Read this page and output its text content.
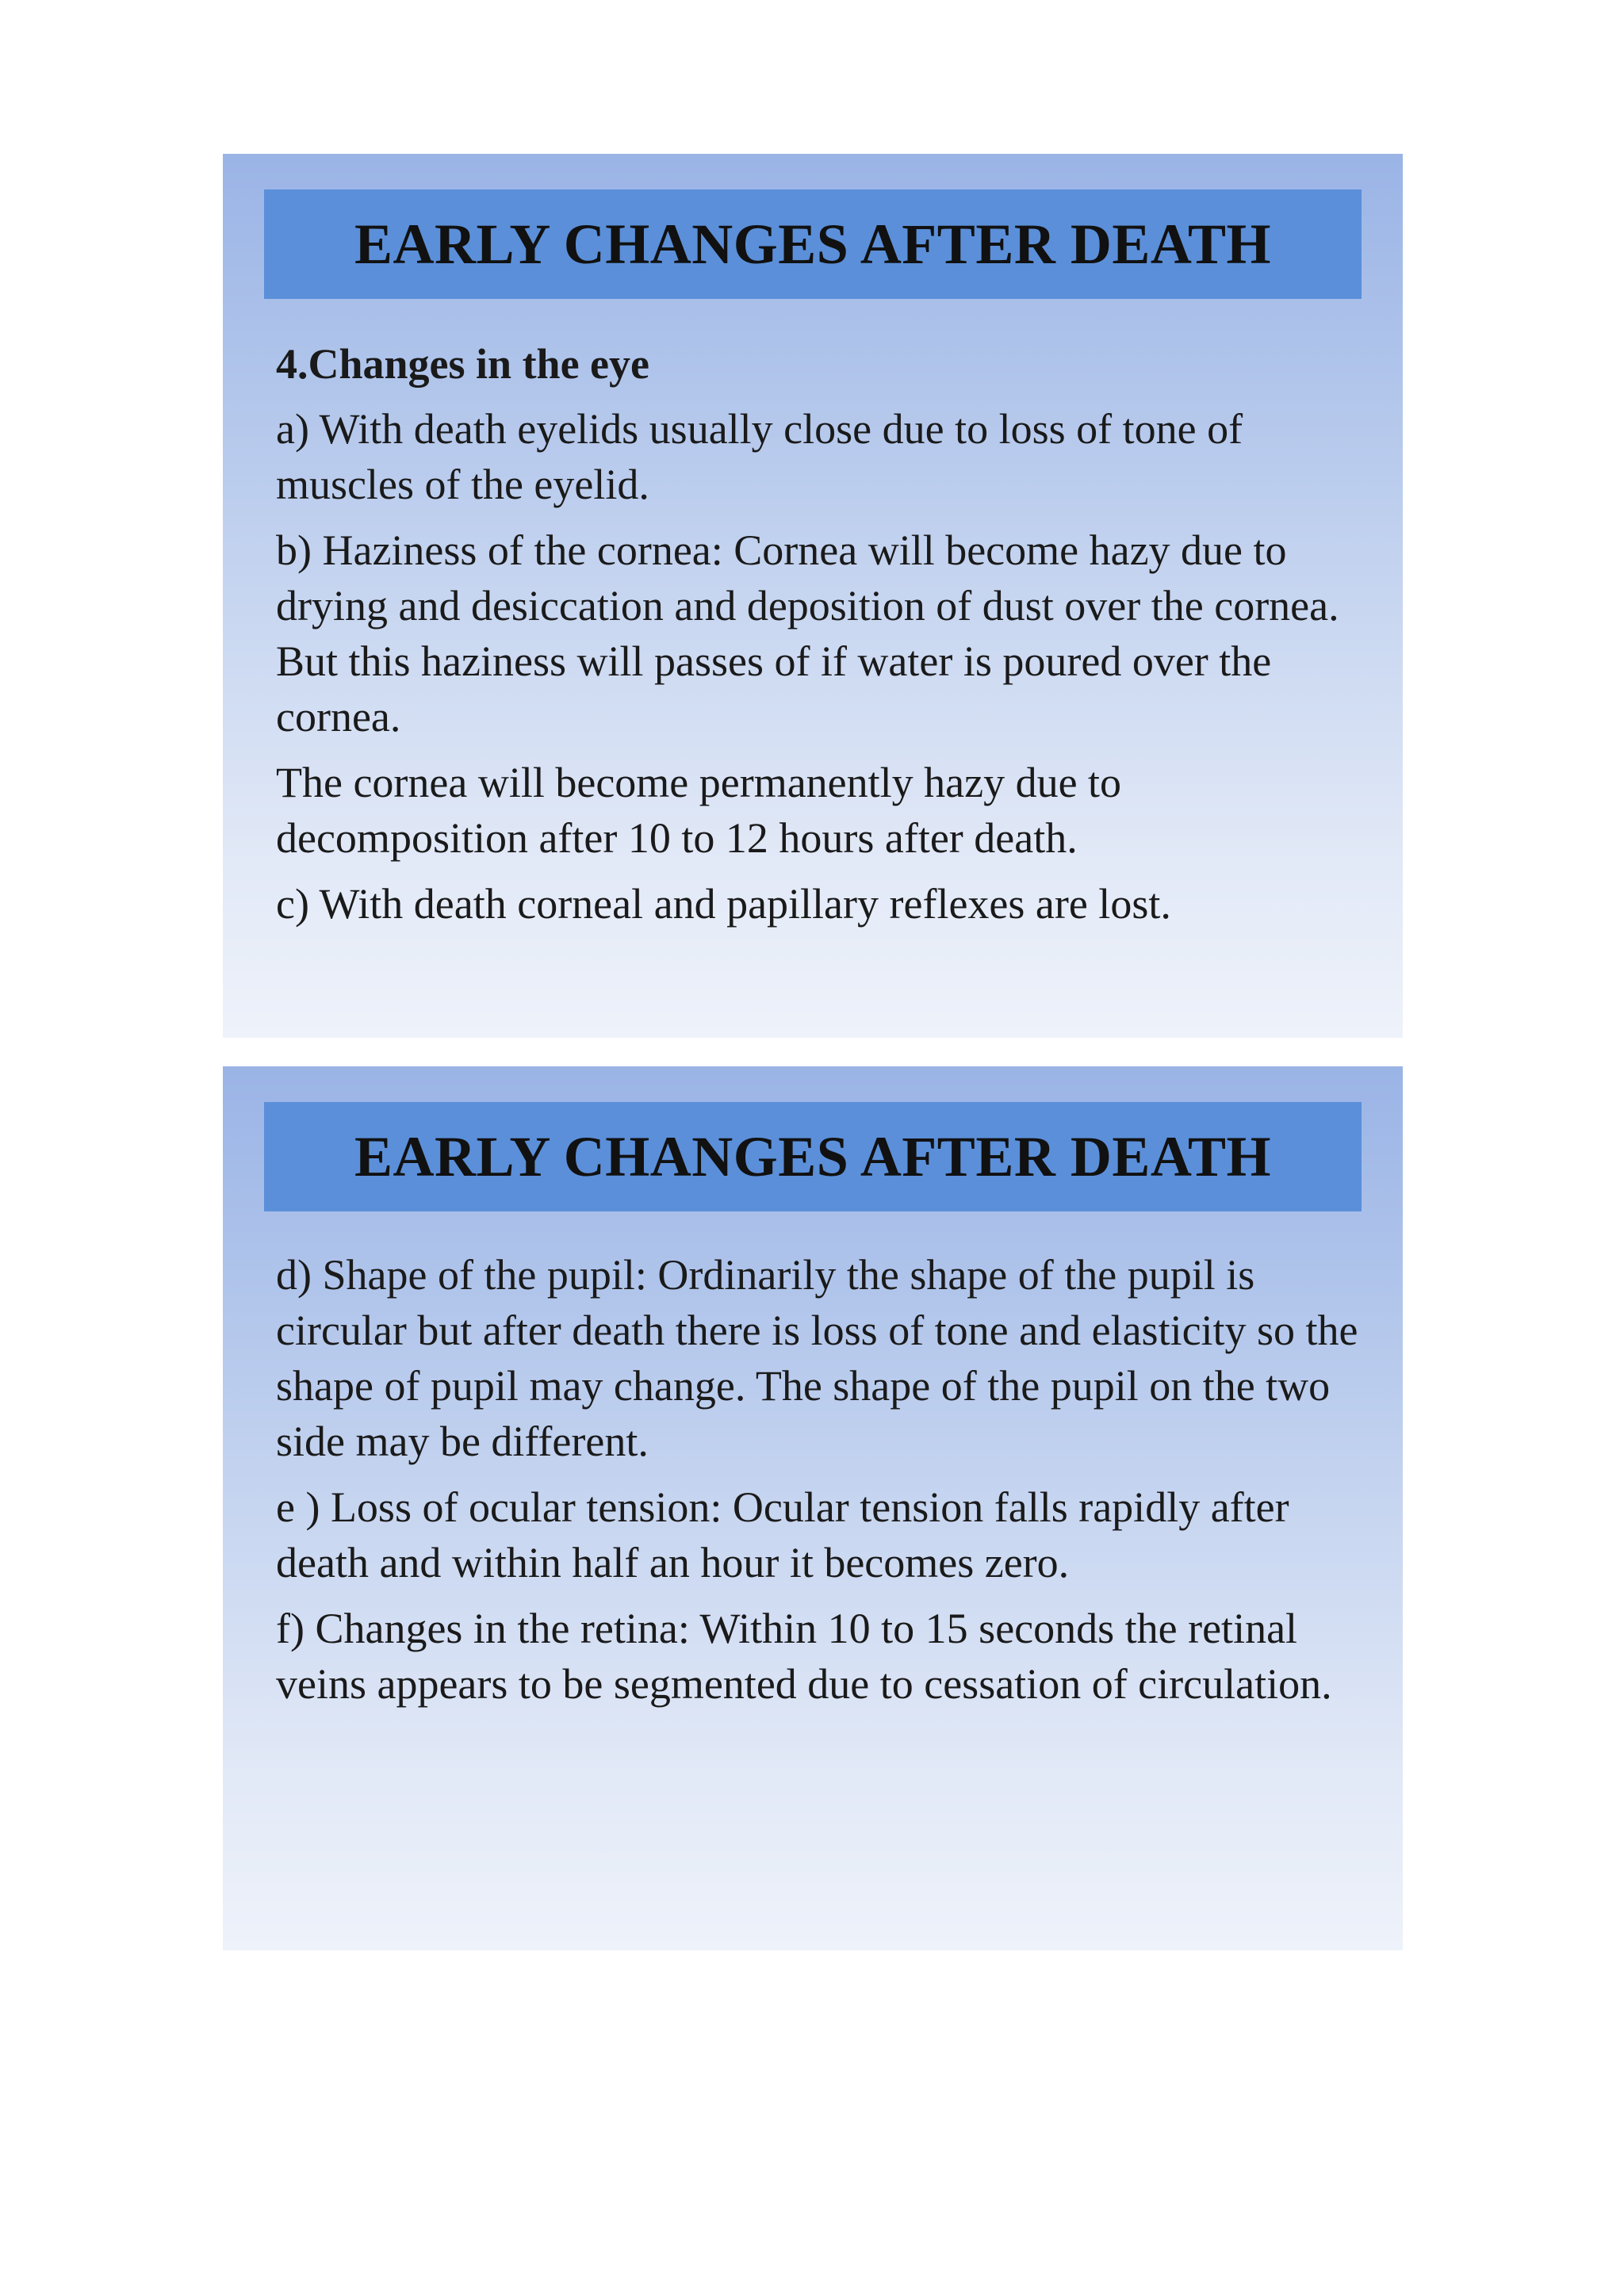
EARLY CHANGES AFTER DEATH

4.Changes in the eye

a) With death eyelids usually close due to loss of tone of muscles of the eyelid.

b) Haziness of the cornea: Cornea will become hazy due to drying and desiccation and deposition of dust over the cornea. But this haziness will passes of if water is poured over the cornea.

The cornea will become permanently hazy due to decomposition after 10 to 12 hours after death.

c) With death corneal and papillary reflexes are lost.

EARLY CHANGES AFTER DEATH

d) Shape of the pupil: Ordinarily the shape of the pupil is circular but after death there is loss of tone and elasticity so the shape of pupil may change. The shape of the pupil on the two side may be different.

e ) Loss of ocular tension: Ocular tension falls rapidly after death and within half an hour it becomes zero.

f) Changes in the retina: Within 10 to 15 seconds the retinal veins appears to be segmented due to cessation of circulation.
